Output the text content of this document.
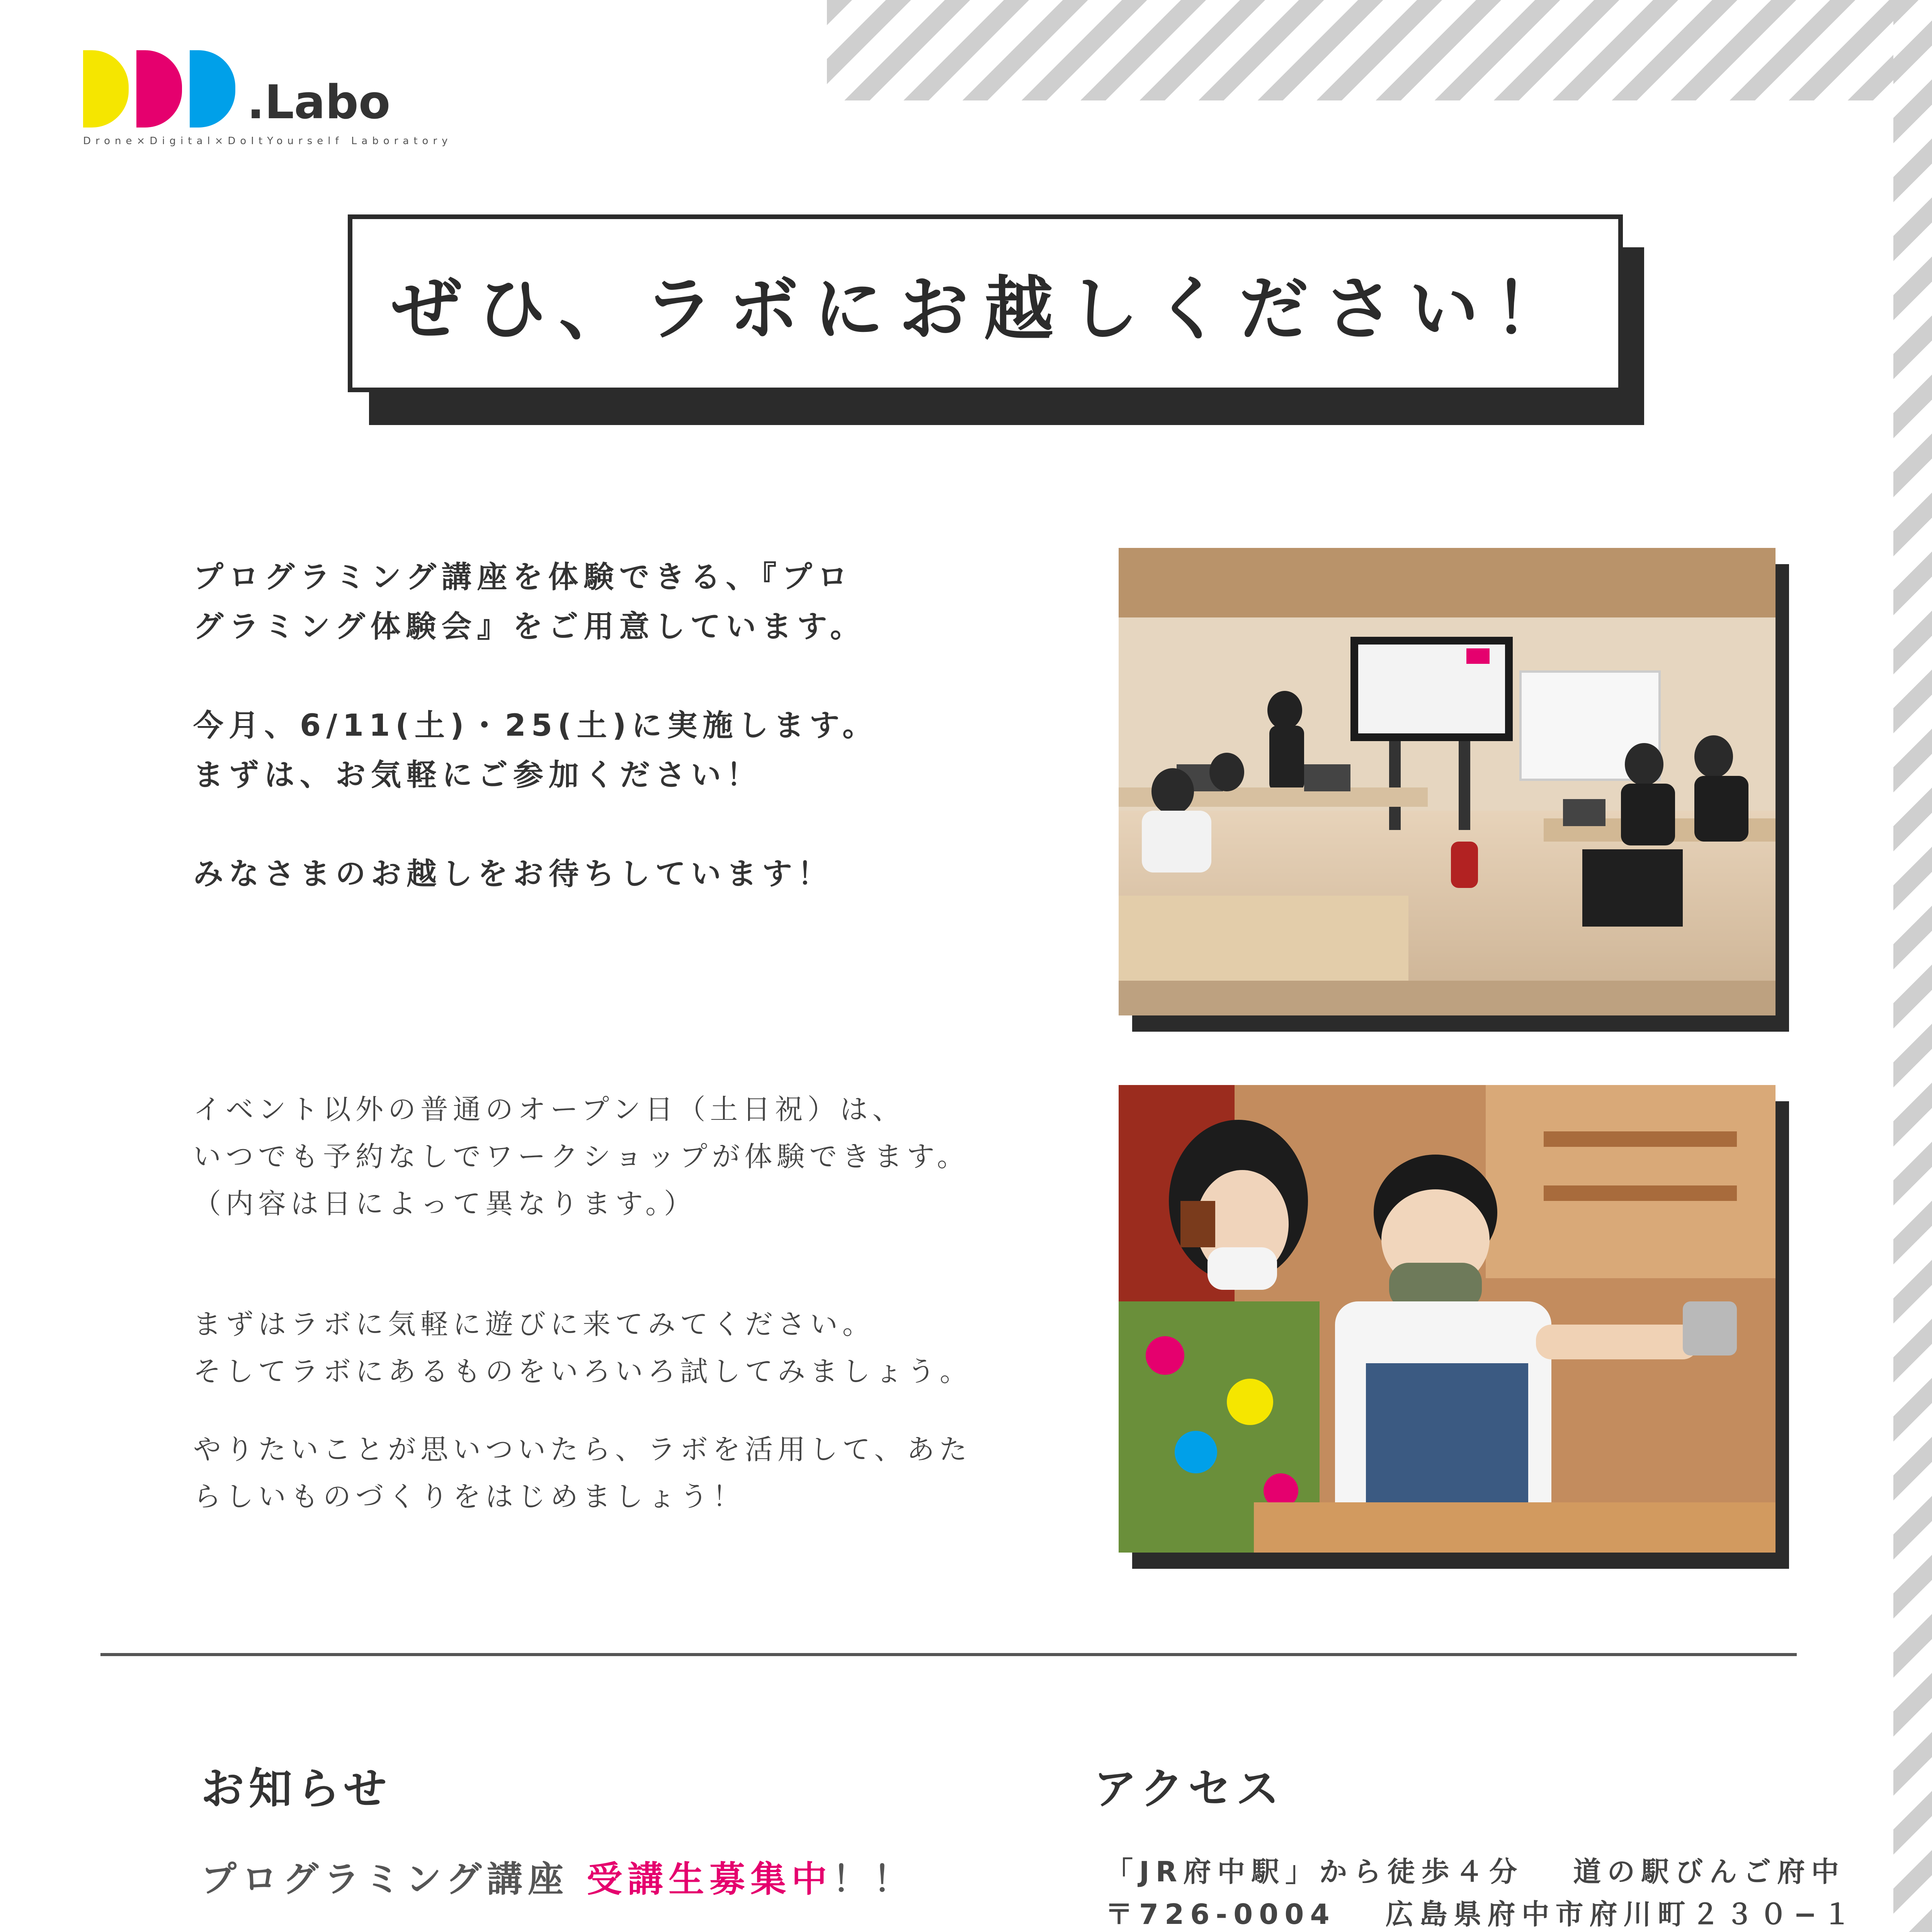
.Labo
Drone×Digital×DoItYourself Laboratory
ぜひ、ラボにお越しください！

プログラミング講座を体験できる、『プロ

グラミング体験会』をご用意しています。

今月、6/11(土)・25(土)に実施します。

まずは、お気軽にご参加ください！

みなさまのお越しをお待ちしています！

イベント以外の普通のオープン日（土日祝）は、

いつでも予約なしでワークショップが体験できます。

（内容は日によって異なります。）

まずはラボに気軽に遊びに来てみてください。

そしてラボにあるものをいろいろ試してみましょう。

やりたいことが思いついたら、ラボを活用して、あた

らしいものづくりをはじめましょう！

お知らせ
プログラミング講座 受講生募集中！！
アクセス
「JR府中駅」から徒歩４分　 道の駅びんご府中
〒726-0004　 広島県府中市府川町２３０−１
